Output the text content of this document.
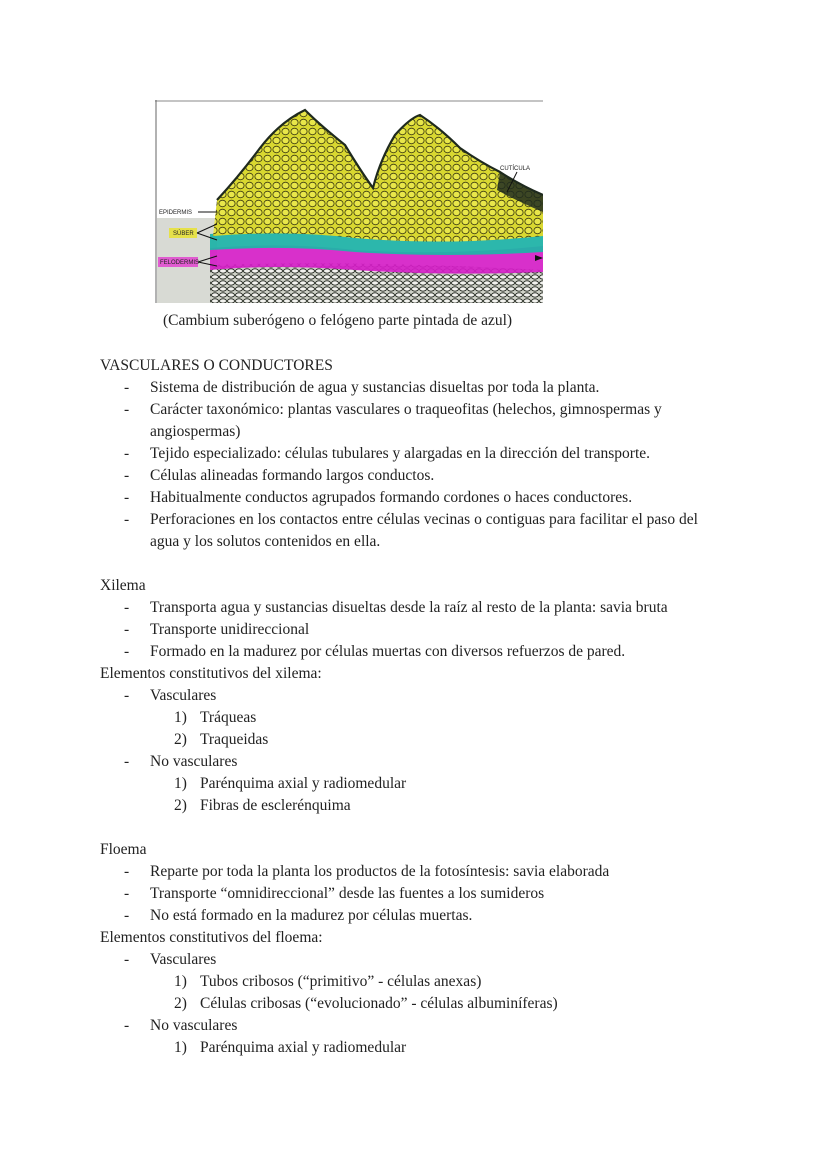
CUTÍCULA
EPIDERMIS
SÚBER
FELODERMIS
(Cambium suberógeno o felógeno parte pintada de azul)
VASCULARES O CONDUCTORES
- Sistema de distribución de agua y sustancias disueltas por toda la planta.
- Carácter taxonómico: plantas vasculares o traqueofitas (helechos, gimnospermas y angiospermas)
- Tejido especializado: células tubulares y alargadas en la dirección del transporte.
- Células alineadas formando largos conductos.
- Habitualmente conductos agrupados formando cordones o haces conductores.
- Perforaciones en los contactos entre células vecinas o contiguas para facilitar el paso del agua y los solutos contenidos en ella.
Xilema
- Transporta agua y sustancias disueltas desde la raíz al resto de la planta: savia bruta
- Transporte unidireccional
- Formado en la madurez por células muertas con diversos refuerzos de pared.
Elementos constitutivos del xilema:
- Vasculares
1) Tráqueas
2) Traqueidas
- No vasculares
1) Parénquima axial y radiomedular
2) Fibras de esclerénquima
Floema
- Reparte por toda la planta los productos de la fotosíntesis: savia elaborada
- Transporte “omnidireccional” desde las fuentes a los sumideros
- No está formado en la madurez por células muertas.
Elementos constitutivos del floema:
- Vasculares
1) Tubos cribosos (“primitivo” - células anexas)
2) Células cribosas (“evolucionado” - células albuminíferas)
- No vasculares
1) Parénquima axial y radiomedular
